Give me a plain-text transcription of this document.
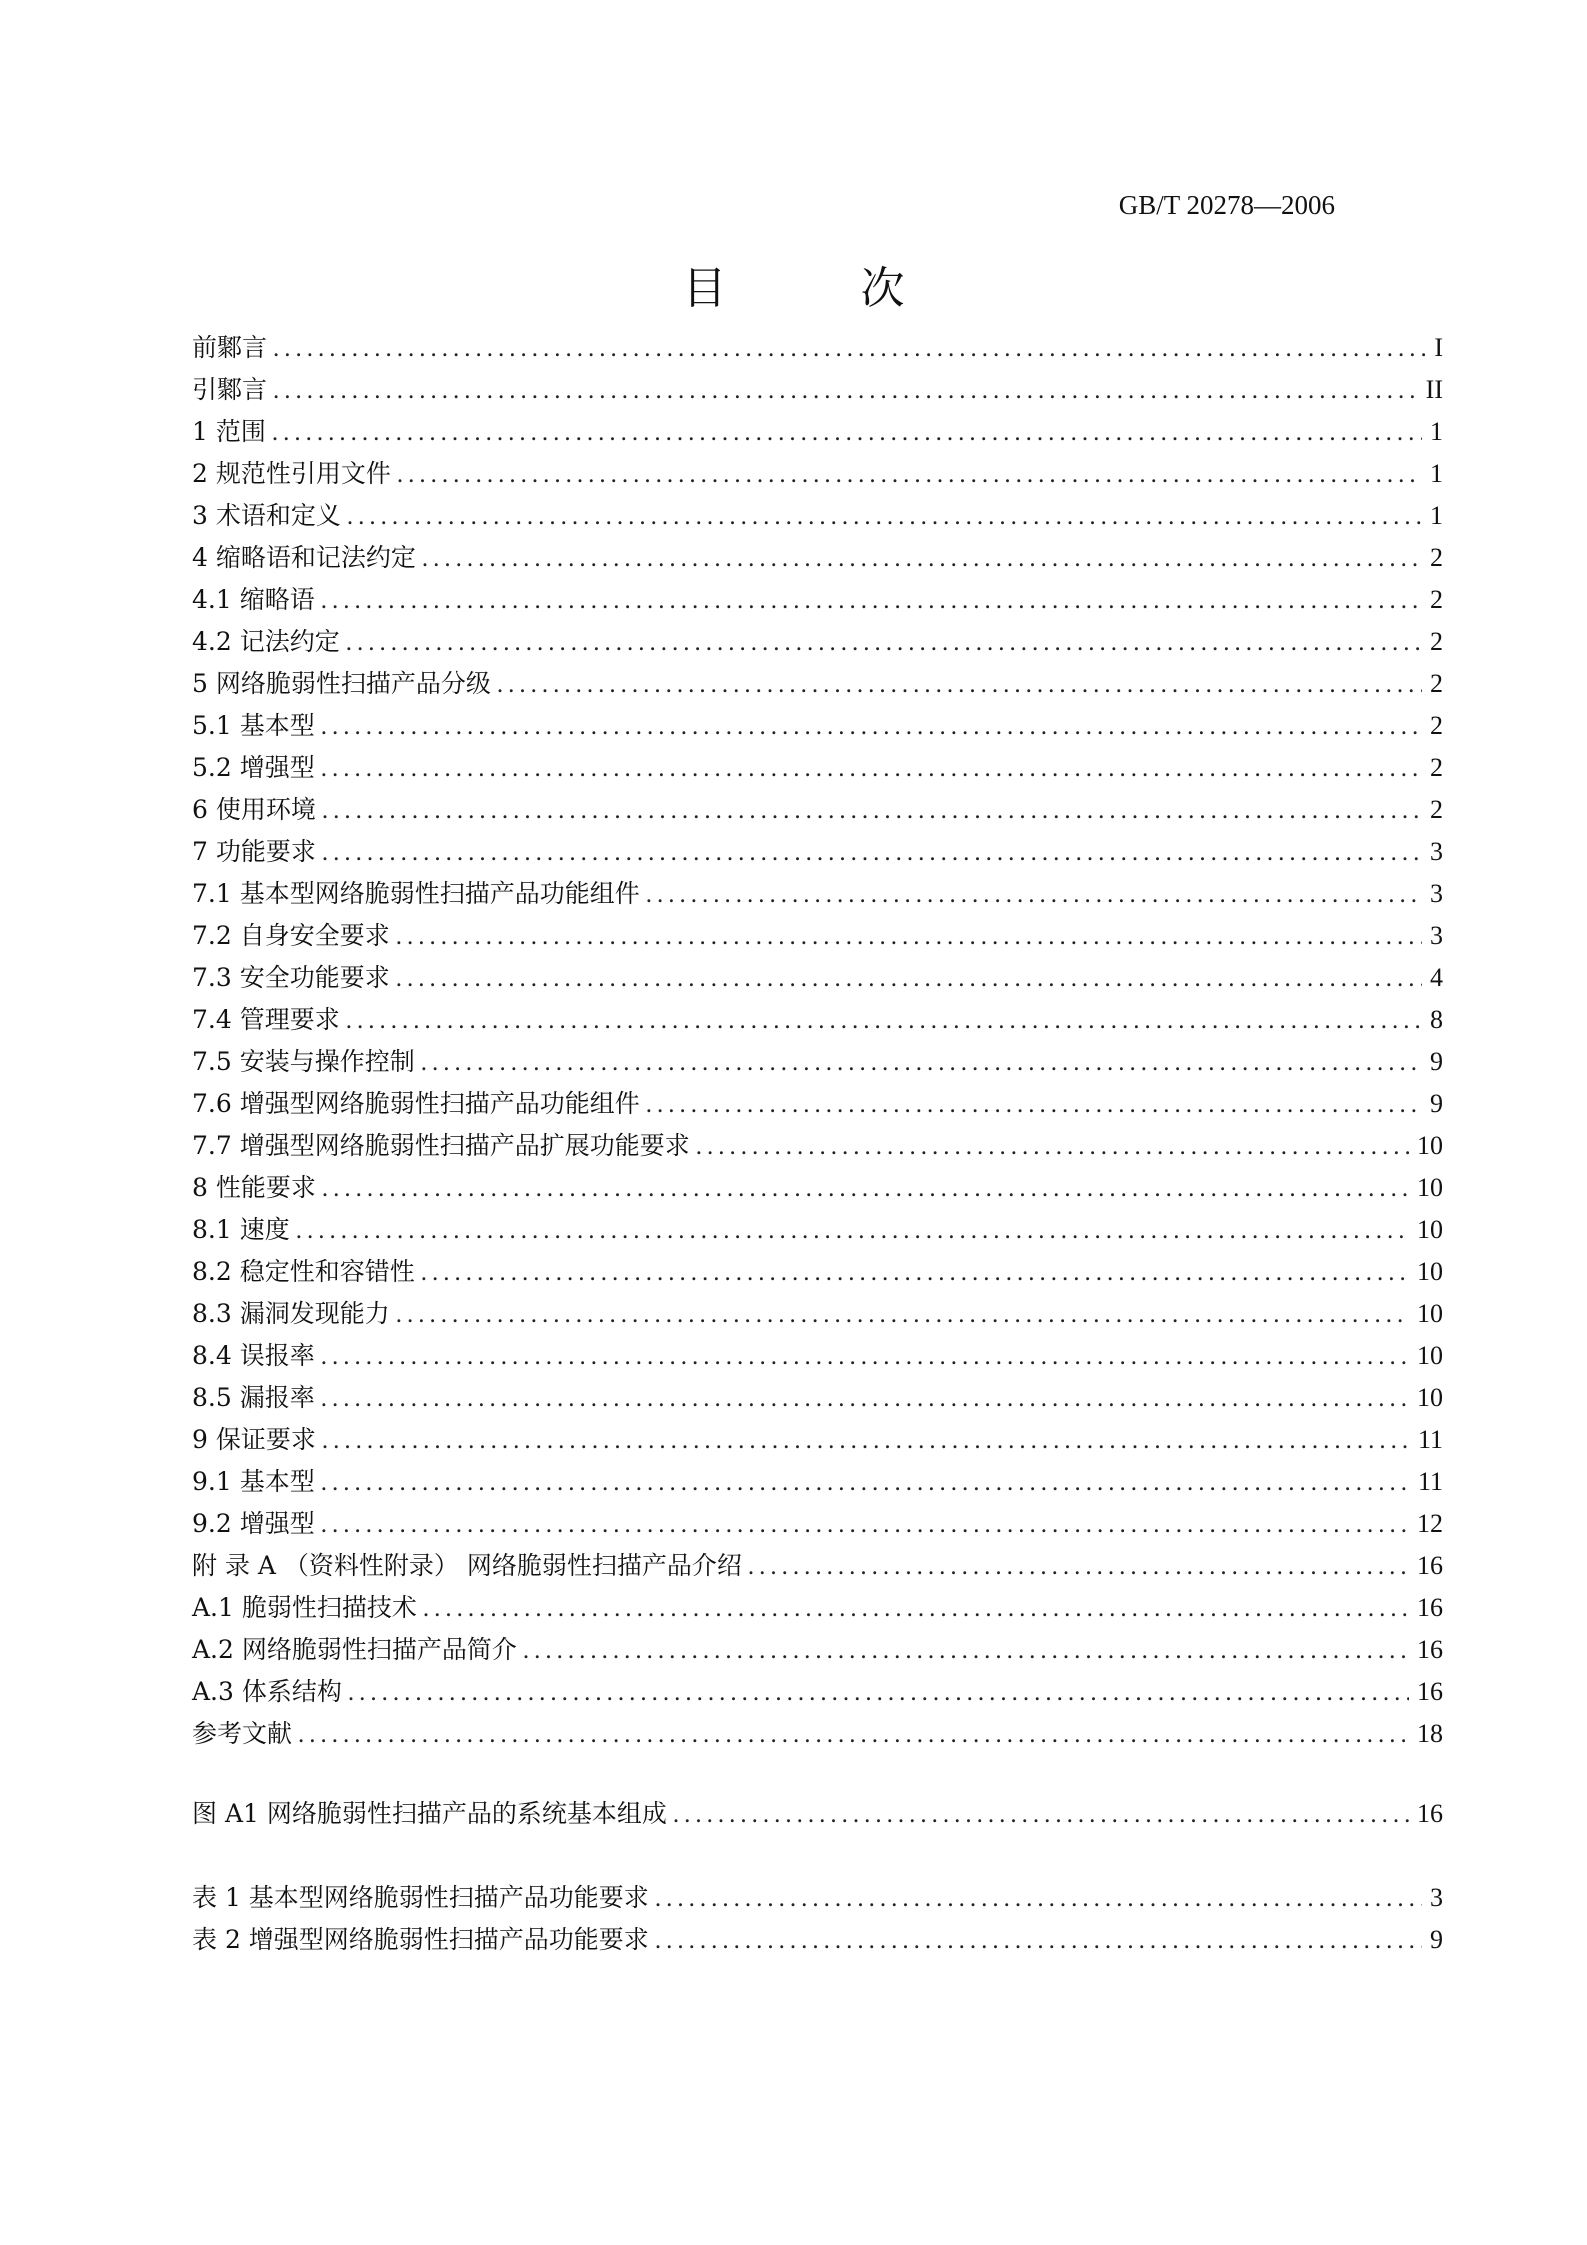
GB/T 20278—2006
目 次
前鄹言 .....	I
引鄹言 .....	II
1 范围 .....	1
2 规范性引用文件 .....	1
3 术语和定义 .....	1
4 缩略语和记法约定 .....	2
4.1 缩略语 .....	2
4.2 记法约定 .....	2
5 网络脆弱性扫描产品分级 .....	2
5.1 基本型 .....	2
5.2 增强型 .....	2
6 使用环境 .....	2
7 功能要求 .....	3
7.1 基本型网络脆弱性扫描产品功能组件 .....	3
7.2 自身安全要求 .....	3
7.3 安全功能要求 .....	4
7.4 管理要求 .....	8
7.5 安装与操作控制 .....	9
7.6 增强型网络脆弱性扫描产品功能组件 .....	9
7.7 增强型网络脆弱性扫描产品扩展功能要求 .....	10
8 性能要求 .....	10
8.1 速度 .....	10
8.2 稳定性和容错性 .....	10
8.3 漏洞发现能力 .....	10
8.4 误报率 .....	10
8.5 漏报率 .....	10
9 保证要求 .....	11
9.1 基本型 .....	11
9.2 增强型 .....	12
附 录 A （资料性附录） 网络脆弱性扫描产品介绍 .....	16
A.1 脆弱性扫描技术 .....	16
A.2 网络脆弱性扫描产品简介 .....	16
A.3 体系结构 .....	16
参考文献 .....	18
图 A1 网络脆弱性扫描产品的系统基本组成 .....	16
表 1 基本型网络脆弱性扫描产品功能要求 .....	3
表 2 增强型网络脆弱性扫描产品功能要求 .....	9
